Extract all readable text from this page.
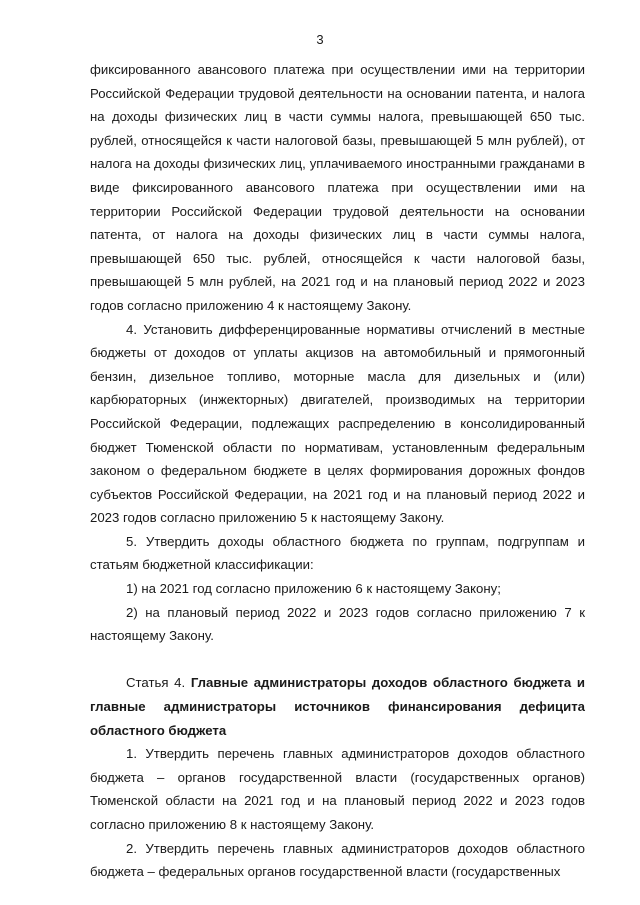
3

фиксированного авансового платежа при осуществлении ими на территории Российской Федерации трудовой деятельности на основании патента, и налога на доходы физических лиц в части суммы налога, превышающей 650 тыс. рублей, относящейся к части налоговой базы, превышающей 5 млн рублей), от налога на доходы физических лиц, уплачиваемого иностранными гражданами в виде фиксированного авансового платежа при осуществлении ими на территории Российской Федерации трудовой деятельности на основании патента, от налога на доходы физических лиц в части суммы налога, превышающей 650 тыс. рублей, относящейся к части налоговой базы, превышающей 5 млн рублей, на 2021 год и на плановый период 2022 и 2023 годов согласно приложению 4 к настоящему Закону.

4. Установить дифференцированные нормативы отчислений в местные бюджеты от доходов от уплаты акцизов на автомобильный и прямогонный бензин, дизельное топливо, моторные масла для дизельных и (или) карбюраторных (инжекторных) двигателей, производимых на территории Российской Федерации, подлежащих распределению в консолидированный бюджет Тюменской области по нормативам, установленным федеральным законом о федеральном бюджете в целях формирования дорожных фондов субъектов Российской Федерации, на 2021 год и на плановый период 2022 и 2023 годов согласно приложению 5 к настоящему Закону.

5. Утвердить доходы областного бюджета по группам, подгруппам и статьям бюджетной классификации:

1) на 2021 год согласно приложению 6 к настоящему Закону;

2) на плановый период 2022 и 2023 годов согласно приложению 7 к настоящему Закону.

Статья 4. Главные администраторы доходов областного бюджета и главные администраторы источников финансирования дефицита областного бюджета

1. Утвердить перечень главных администраторов доходов областного бюджета – органов государственной власти (государственных органов) Тюменской области на 2021 год и на плановый период 2022 и 2023 годов согласно приложению 8 к настоящему Закону.

2. Утвердить перечень главных администраторов доходов областного бюджета – федеральных органов государственной власти (государственных
